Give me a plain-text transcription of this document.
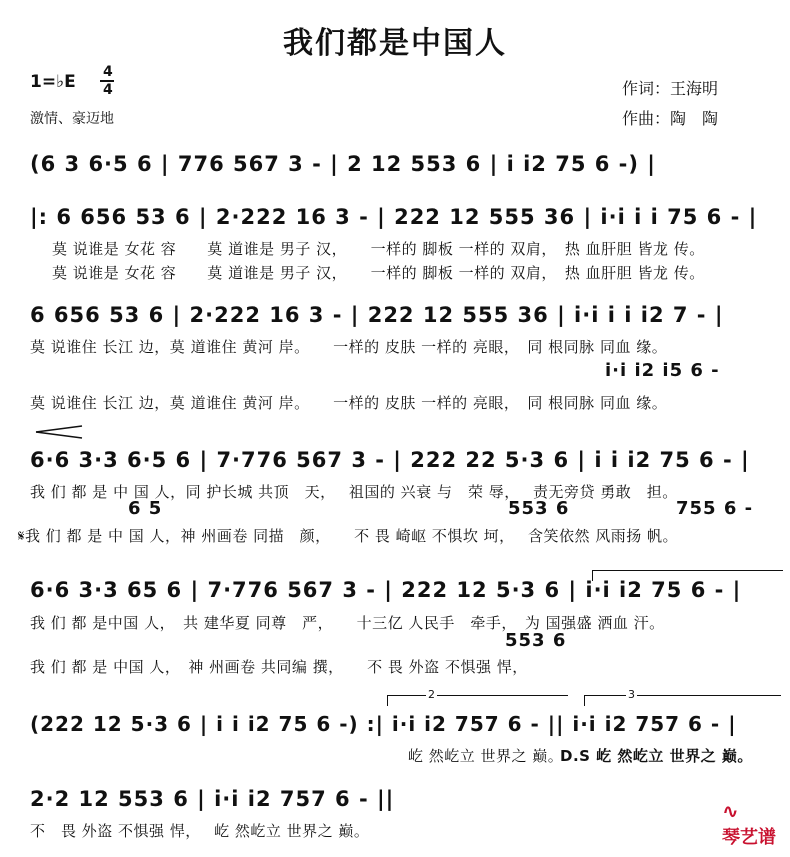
我们都是中国人
1=♭E 4
4
激情、豪迈地
作词：王海明
作曲：陶　陶
(6 3 6·5 6 | 776 567 3 - | 2 12 553 6 | i i2 75 6 -) |
|: 6 656 53 6 | 2·222 16 3 - | 222 12 555 36 | i·i i i 75 6 - |
莫 说谁是 女花 容　　莫 道谁是 男子 汉，　　一样的 脚板 一样的 双肩，　热 血肝胆 皆龙 传。
莫 说谁是 女花 容　　莫 道谁是 男子 汉，　　一样的 脚板 一样的 双肩，　热 血肝胆 皆龙 传。
6 656 53 6 | 2·222 16 3 - | 222 12 555 36 | i·i i i i2 7 - |
莫 说谁住 长江 边，莫 道谁住 黄河 岸。　　一样的 皮肤 一样的 亮眼，　同 根同脉 同血 缘。
i·i i2 i5 6 -
莫 说谁住 长江 边，莫 道谁住 黄河 岸。　　一样的 皮肤 一样的 亮眼，　同 根同脉 同血 缘。
6·6 3·3 6·5 6 | 7·776 567 3 - | 222 22 5·3 6 | i i i2 75 6 - |
我 们 都 是 中 国 人，同 护长城 共顶　天，　 祖国的 兴衰 与　荣 辱，　 责无旁贷 勇敢　担。
6 5	553 6	755 6 -
𝄋我 们 都 是 中 国 人，神 州画卷 同描　颜，　　不 畏 崎岖 不惧坎 坷，　 含笑依然 风雨扬 帆。
6·6 3·3 65 6 | 7·776 567 3 - | 222 12 5·3 6 | i·i i2 75 6 - |
我 们 都 是中国 人，　共 建华夏 同尊　严，　　十三亿 人民手　牵手，　为 国强盛 洒血 汗。
553 6
我 们 都 是 中国 人，　神 州画卷 共同编 撰，　　不 畏 外盗 不惧强 悍，
2	3
(222 12 5·3 6 | i i i2 75 6 -) :| i·i i2 757 6 - || i·i i2 757 6 - |
屹 然屹立 世界之 巅。
D.S 屹 然屹立 世界之 巅。
2·2 12 553 6 | i·i i2 757 6 - ||
不　畏 外盗 不惧强 悍，　 屹 然屹立 世界之 巅。

∿
琴艺谱
